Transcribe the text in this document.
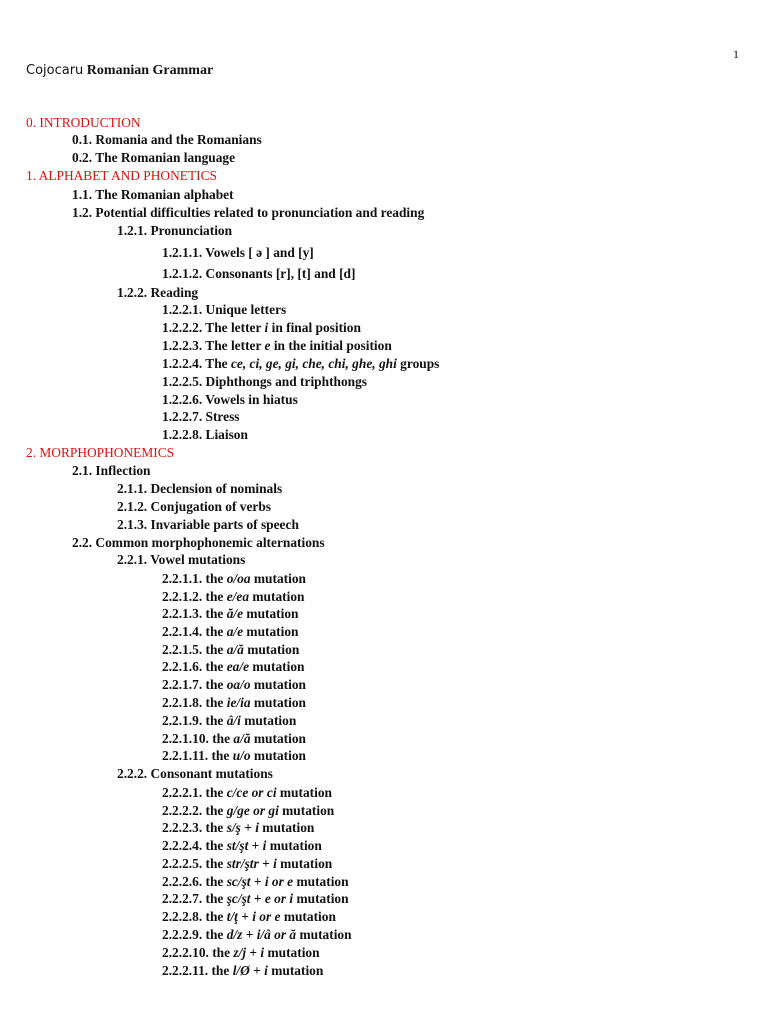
1
Cojocaru Romanian Grammar
0. INTRODUCTION
0.1. Romania and the Romanians
0.2. The Romanian language
1. ALPHABET AND PHONETICS
1.1. The Romanian alphabet
1.2. Potential difficulties related to pronunciation and reading
1.2.1. Pronunciation
1.2.1.1. Vowels [ ə ] and [y]
1.2.1.2. Consonants [r], [t] and [d]
1.2.2. Reading
1.2.2.1. Unique letters
1.2.2.2. The letter i in final position
1.2.2.3. The letter e in the initial position
1.2.2.4. The ce, ci, ge, gi, che, chi, ghe, ghi groups
1.2.2.5. Diphthongs and triphthongs
1.2.2.6. Vowels in hiatus
1.2.2.7. Stress
1.2.2.8. Liaison
2. MORPHOPHONEMICS
2.1. Inflection
2.1.1. Declension of nominals
2.1.2. Conjugation of verbs
2.1.3. Invariable parts of speech
2.2. Common morphophonemic alternations
2.2.1. Vowel mutations
2.2.1.1. the o/oa mutation
2.2.1.2. the e/ea mutation
2.2.1.3. the ă/e mutation
2.2.1.4. the a/e mutation
2.2.1.5. the a/ă mutation
2.2.1.6. the ea/e mutation
2.2.1.7. the oa/o mutation
2.2.1.8. the ie/ia mutation
2.2.1.9. the â/i mutation
2.2.1.10. the a/ă mutation
2.2.1.11. the u/o mutation
2.2.2. Consonant mutations
2.2.2.1. the c/ce or ci mutation
2.2.2.2. the g/ge or gi mutation
2.2.2.3. the s/ş + i mutation
2.2.2.4. the st/şt + i mutation
2.2.2.5. the str/ştr + i mutation
2.2.2.6. the sc/şt + i or e mutation
2.2.2.7. the şc/şt + e or i mutation
2.2.2.8. the t/ţ + i or e mutation
2.2.2.9. the d/z + i/â or ă mutation
2.2.2.10. the z/j + i mutation
2.2.2.11. the l/Ø + i mutation
